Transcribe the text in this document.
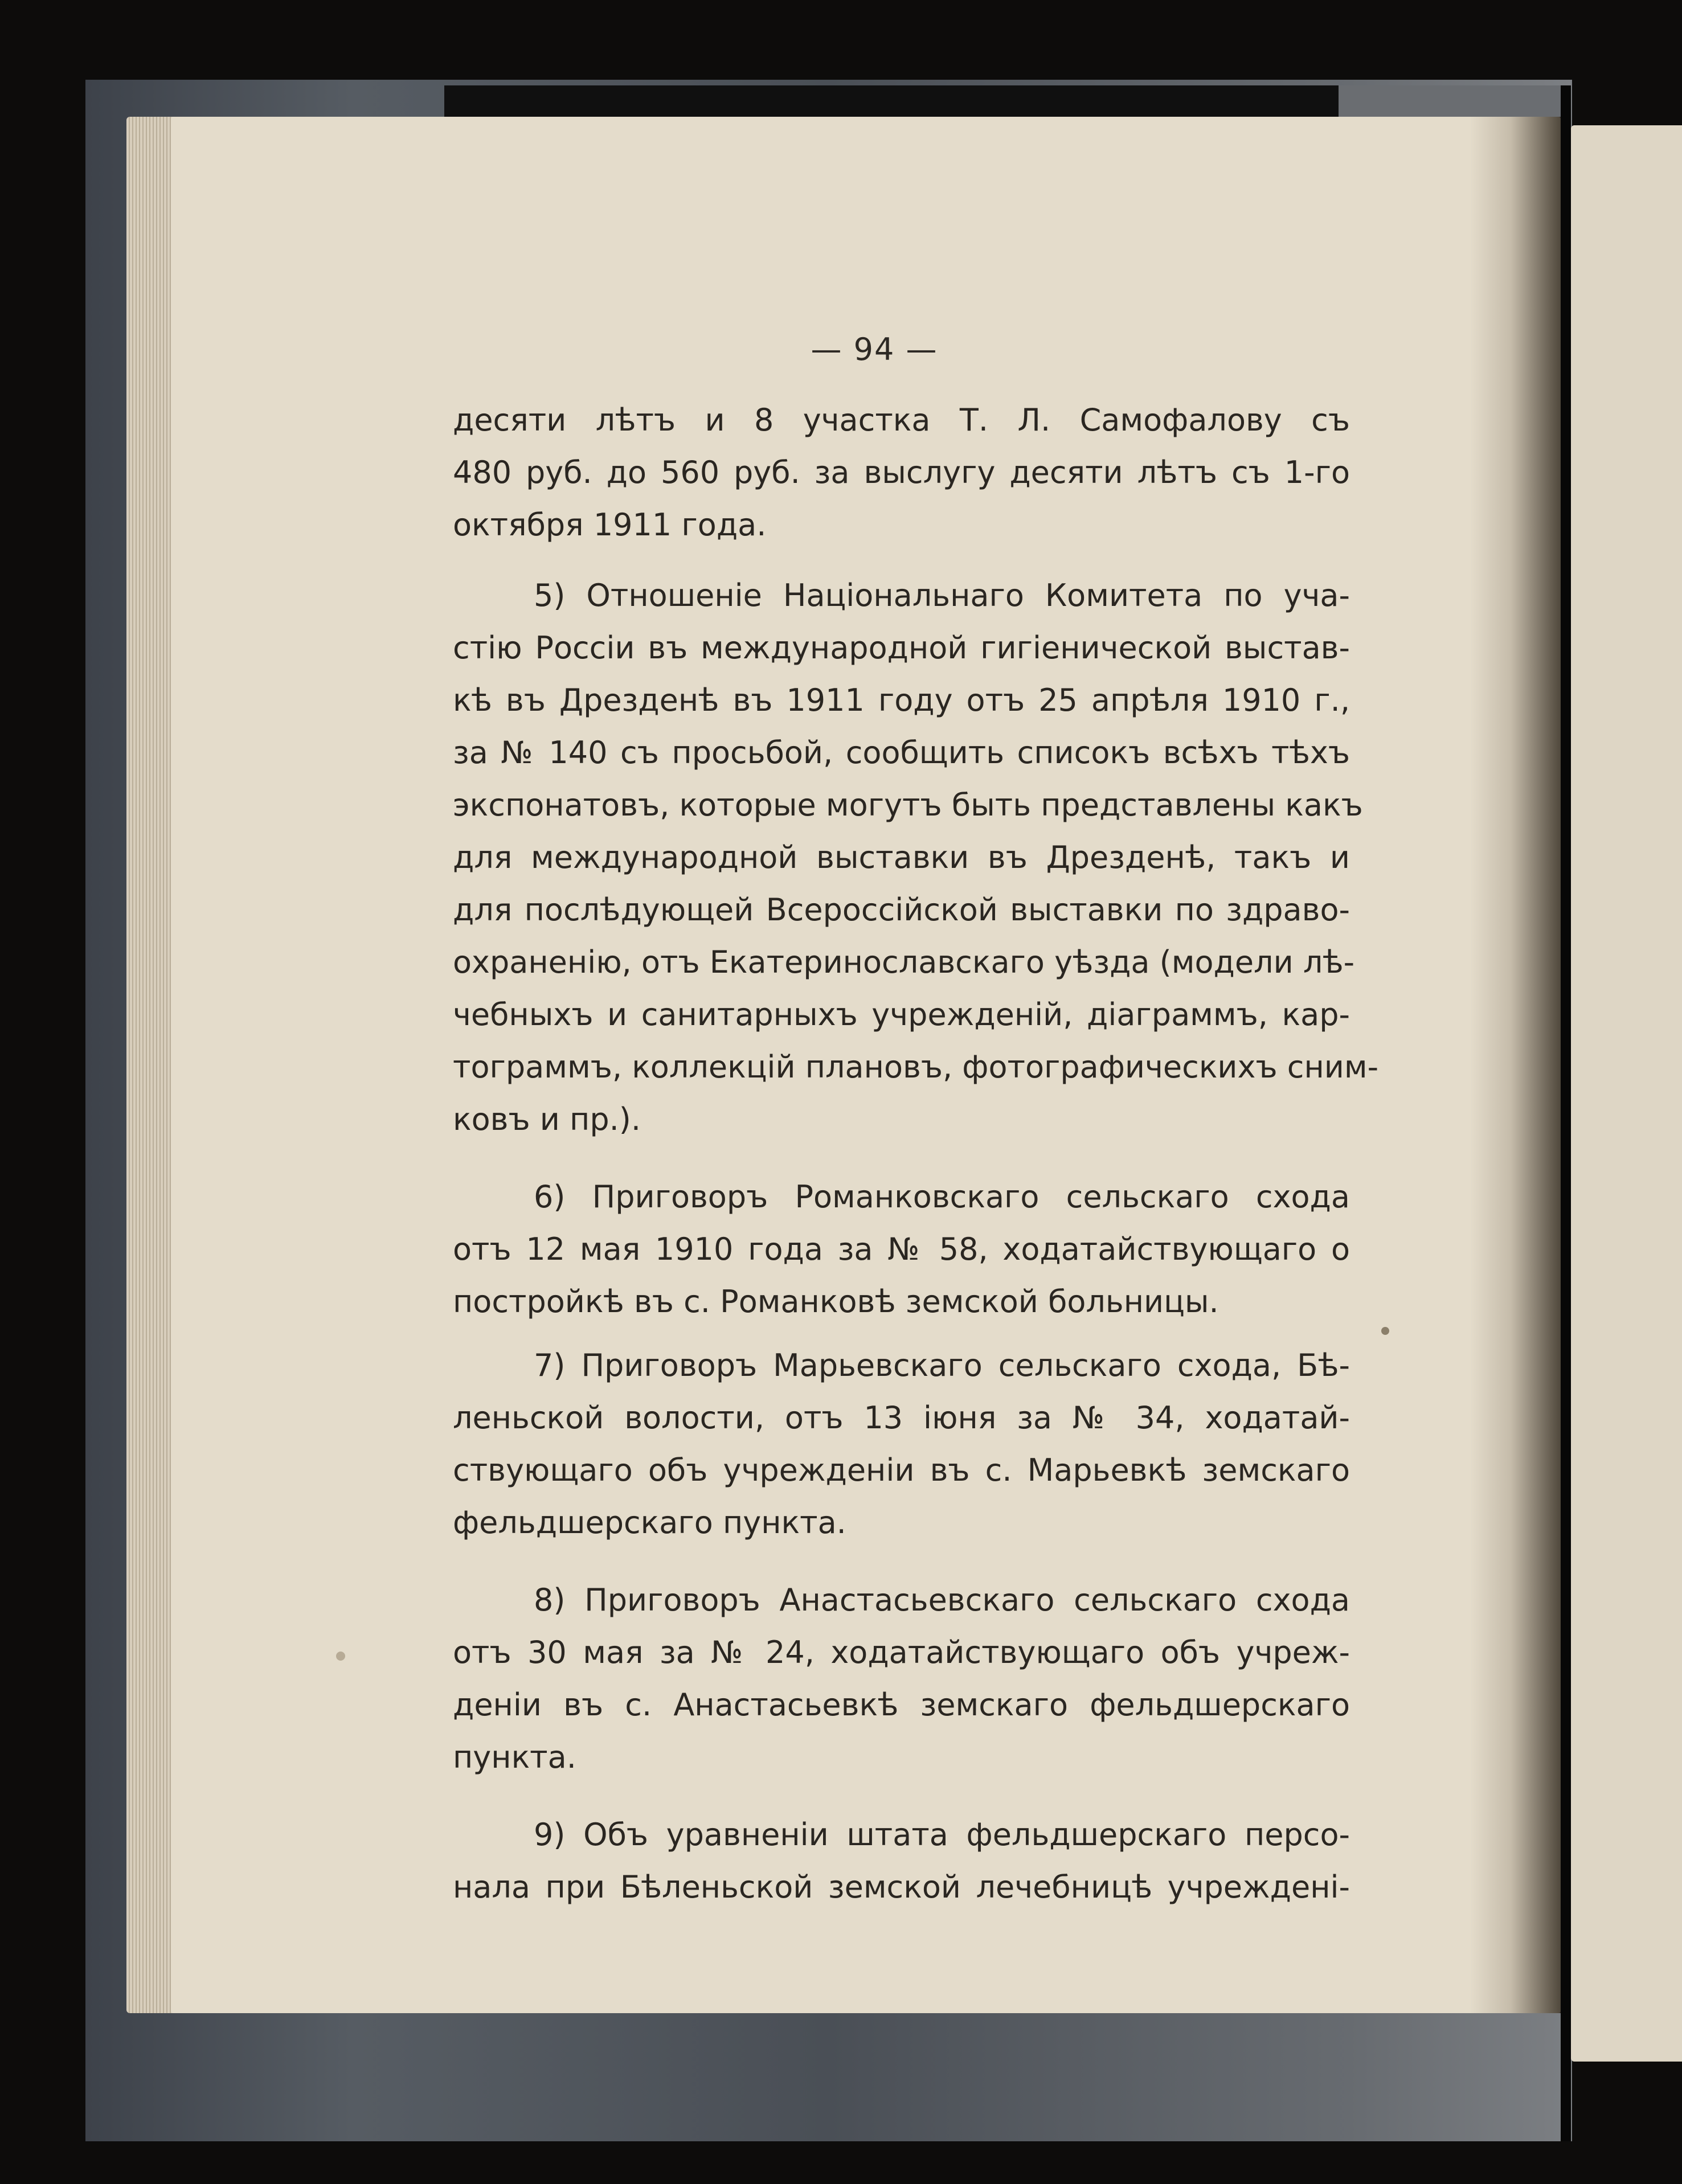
— 94 —
десяти лѣтъ и 8 участка Т. Л. Самофалову съ
480 руб. до 560 руб. за выслугу десяти лѣтъ съ 1-го
октября 1911 года.
5) Отношеніе Національнаго Комитета по уча-
стію Россіи въ международной гигіенической выстав-
кѣ въ Дрезденѣ въ 1911 году отъ 25 апрѣля 1910 г.,
за № 140 съ просьбой, сообщить списокъ всѣхъ тѣхъ
экспонатовъ, которые могутъ быть представлены какъ
для международной выставки въ Дрезденѣ, такъ и
для послѣдующей Всероссійской выставки по здраво-
охраненію, отъ Екатеринославскаго уѣзда (модели лѣ-
чебныхъ и санитарныхъ учрежденій, діаграммъ, кар-
тограммъ, коллекцій плановъ, фотографическихъ сним-
ковъ и пр.).
6) Приговоръ Романковскаго сельскаго схода
отъ 12 мая 1910 года за № 58, ходатайствующаго о
постройкѣ въ с. Романковѣ земской больницы.
7) Приговоръ Марьевскаго сельскаго схода, Бѣ-
леньской волости, отъ 13 іюня за № 34, ходатай-
ствующаго объ учрежденіи въ с. Марьевкѣ земскаго
фельдшерскаго пункта.
8) Приговоръ Анастасьевскаго сельскаго схода
отъ 30 мая за № 24, ходатайствующаго объ учреж-
деніи въ с. Анастасьевкѣ земскаго фельдшерскаго
пункта.
9) Объ уравненіи штата фельдшерскаго персо-
нала при Бѣленьской земской лечебницѣ учреждені-
